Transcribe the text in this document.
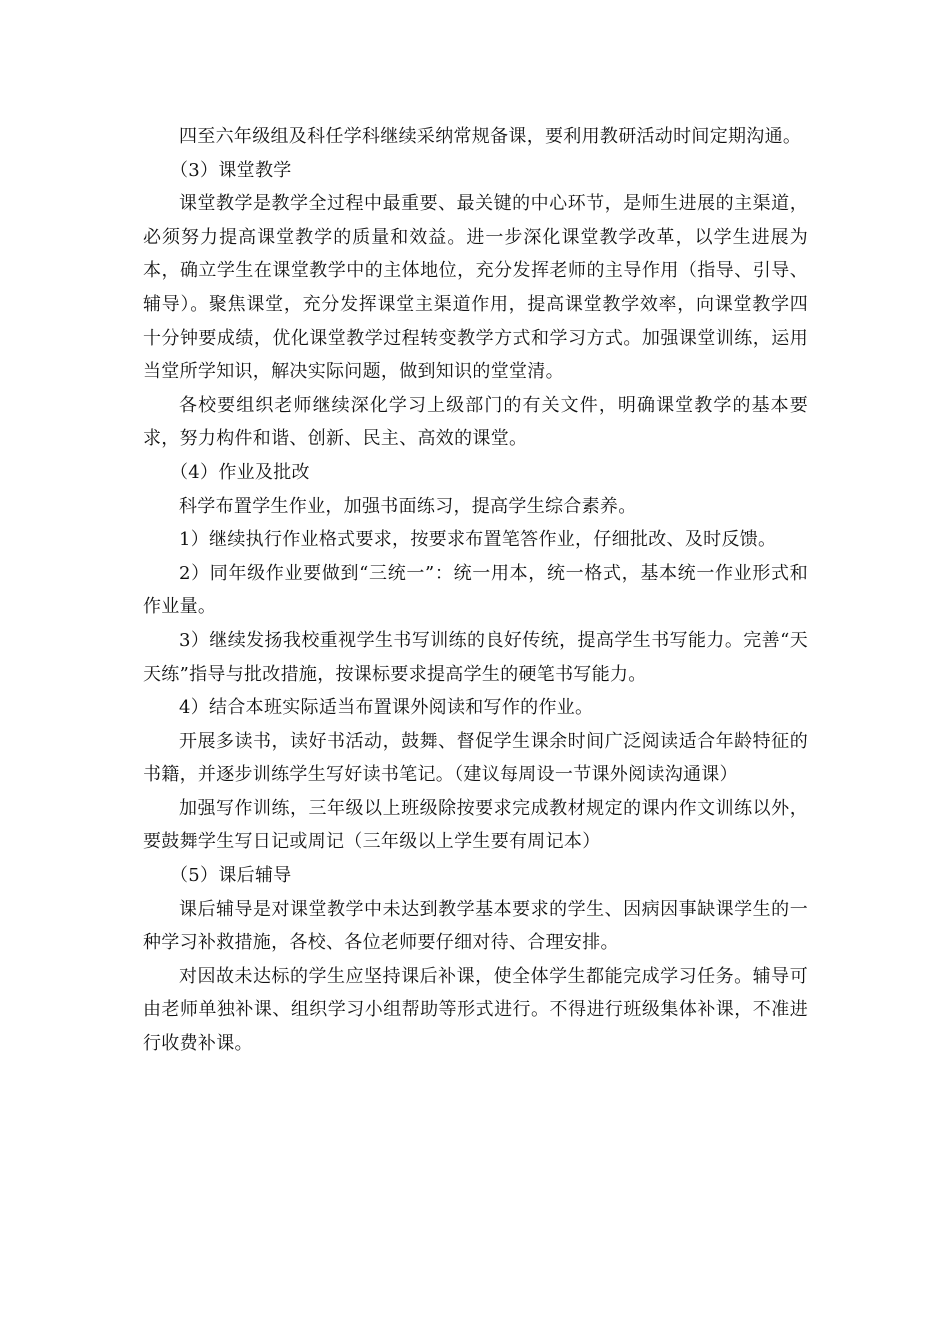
四至六年级组及科任学科继续采纳常规备课，要利用教研活动时间定期沟通。

（3）课堂教学

课堂教学是教学全过程中最重要、最关键的中心环节，是师生进展的主渠道，必须努力提高课堂教学的质量和效益。进一步深化课堂教学改革，以学生进展为本，确立学生在课堂教学中的主体地位，充分发挥老师的主导作用（指导、引导、辅导）。聚焦课堂，充分发挥课堂主渠道作用，提高课堂教学效率，向课堂教学四十分钟要成绩，优化课堂教学过程转变教学方式和学习方式。加强课堂训练，运用当堂所学知识，解决实际问题，做到知识的堂堂清。

各校要组织老师继续深化学习上级部门的有关文件，明确课堂教学的基本要求，努力构件和谐、创新、民主、高效的课堂。

（4）作业及批改

科学布置学生作业，加强书面练习，提高学生综合素养。

1）继续执行作业格式要求，按要求布置笔答作业，仔细批改、及时反馈。

2）同年级作业要做到“三统一”：统一用本，统一格式，基本统一作业形式和作业量。

3）继续发扬我校重视学生书写训练的良好传统，提高学生书写能力。完善“天天练”指导与批改措施，按课标要求提高学生的硬笔书写能力。

4）结合本班实际适当布置课外阅读和写作的作业。

开展多读书，读好书活动，鼓舞、督促学生课余时间广泛阅读适合年龄特征的书籍，并逐步训练学生写好读书笔记。（建议每周设一节课外阅读沟通课）

加强写作训练，三年级以上班级除按要求完成教材规定的课内作文训练以外，要鼓舞学生写日记或周记（三年级以上学生要有周记本）

（5）课后辅导

课后辅导是对课堂教学中未达到教学基本要求的学生、因病因事缺课学生的一种学习补救措施，各校、各位老师要仔细对待、合理安排。

对因故未达标的学生应坚持课后补课，使全体学生都能完成学习任务。辅导可由老师单独补课、组织学习小组帮助等形式进行。不得进行班级集体补课，不准进行收费补课。
